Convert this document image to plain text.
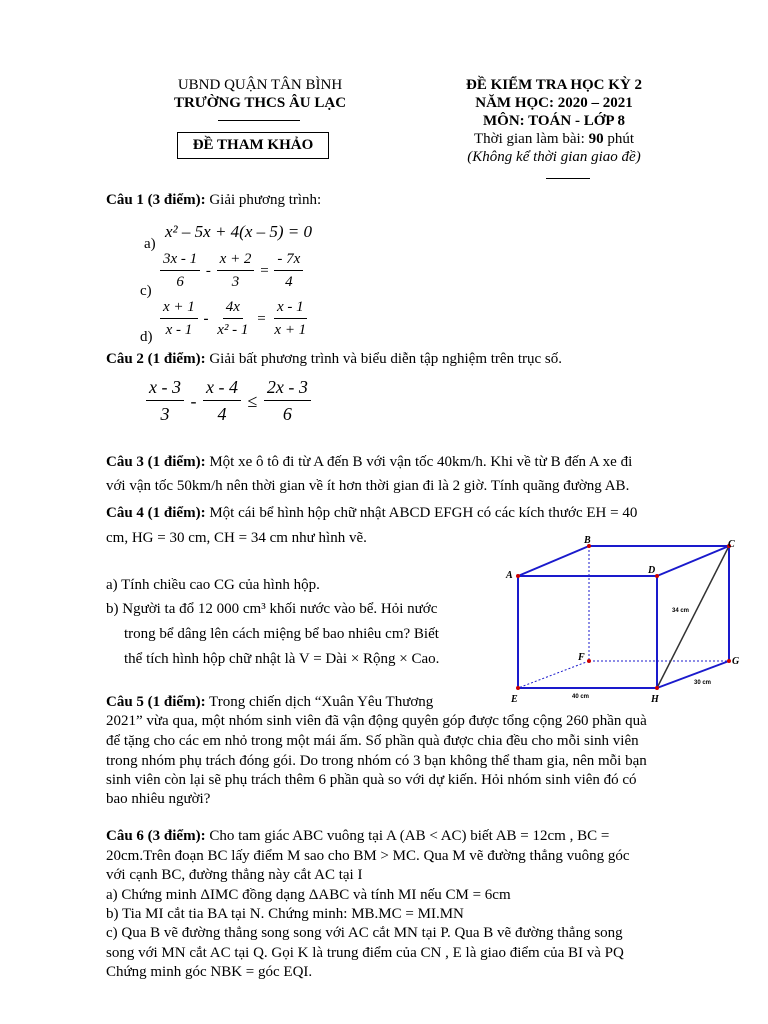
UBND QUẬN TÂN BÌNH
TRƯỜNG THCS ÂU LẠC
ĐỀ THAM KHẢO
ĐỀ KIỂM TRA HỌC KỲ 2
NĂM HỌC: 2020 – 2021
MÔN: TOÁN - LỚP 8
Thời gian làm bài: 90 phút
(Không kể thời gian giao đề)
Câu 1 (3 điểm): Giải phương trình:
a)
x² – 5x + 4(x – 5) = 0
$c) \frac{3x - 1}{6} - \frac{x + 2}{3} = \frac{- 7x}{4}$
$d) \frac{x + 1}{x - 1} - \frac{4x}{\text{x² - 1}} = \frac{x - 1}{x + 1}$
Câu 2 (1 điểm): Giải bất phương trình và biểu diễn tập nghiệm trên trục số.
$\frac{x - 3}{3} - \frac{x - 4}{4} \le \frac{2x - 3}{6}$
Câu 3 (1 điểm): Một xe ô tô đi từ A đến B với vận tốc 40km/h. Khi về từ B đến A xe đi
với vận tốc 50km/h nên thời gian về ít hơn thời gian đi là 2 giờ. Tính quãng đường AB.
Câu 4 (1 điểm): Một cái bể hình hộp chữ nhật ABCD EFGH có các kích thước EH = 40
cm, HG = 30 cm, CH = 34 cm như hình vẽ.
a) Tính chiều cao CG của hình hộp.
b) Người ta đổ 12 000 cm³ khối nước vào bể. Hỏi nước
trong bể dâng lên cách miệng bể bao nhiêu cm? Biết
thể tích hình hộp chữ nhật là V = Dài × Rộng × Cao.
A
B	C
D
E
F	G
H
34 cm
40 cm
30 cm
Câu 5 (1 điểm): Trong chiến dịch “Xuân Yêu Thương
2021” vừa qua, một nhóm sinh viên đã vận động quyên góp được tổng cộng 260 phần quà
để tặng cho các em nhỏ trong một mái ấm. Số phần quà được chia đều cho mỗi sinh viên
trong nhóm phụ trách đóng gói. Do trong nhóm có 3 bạn không thể tham gia, nên mỗi bạn
sinh viên còn lại sẽ phụ trách thêm 6 phần quà so với dự kiến. Hỏi nhóm sinh viên đó có
bao nhiêu người?
Câu 6 (3 điểm): Cho tam giác ABC vuông tại A (AB < AC) biết AB = 12cm , BC =
20cm.Trên đoạn BC lấy điểm M sao cho BM > MC. Qua M vẽ đường thẳng vuông góc
với cạnh BC, đường thẳng này cắt AC tại I
a) Chứng minh ΔIMC đồng dạng ΔABC và tính MI nếu CM = 6cm
b) Tia MI cắt tia BA tại N. Chứng minh: MB.MC = MI.MN
c) Qua B vẽ đường thẳng song song với AC cắt MN tại P. Qua B vẽ đường thẳng song
song với MN cắt AC tại Q. Gọi K là trung điểm của CN , E là giao điểm của BI và PQ
Chứng minh góc NBK = góc EQI.
